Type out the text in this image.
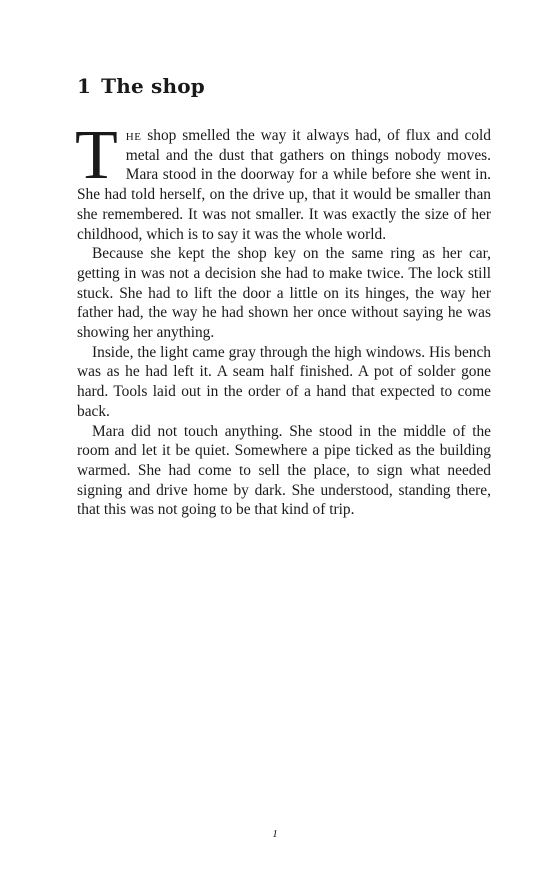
1 The shop

The shop smelled the way it always had, of flux and cold metal and the dust that gathers on things nobody moves. Mara stood in the doorway for a while before she went in. She had told herself, on the drive up, that it would be smaller than she remembered. It was not smaller. It was exactly the size of her childhood, which is to say it was the whole world.

Because she kept the shop key on the same ring as her car, getting in was not a decision she had to make twice. The lock still stuck. She had to lift the door a little on its hinges, the way her father had, the way he had shown her once without saying he was showing her anything.

Inside, the light came gray through the high windows. His bench was as he had left it. A seam half finished. A pot of solder gone hard. Tools laid out in the order of a hand that expected to come back.

Mara did not touch anything. She stood in the middle of the room and let it be quiet. Somewhere a pipe ticked as the building warmed. She had come to sell the place, to sign what needed signing and drive home by dark. She understood, standing there, that this was not going to be that kind of trip.

1
